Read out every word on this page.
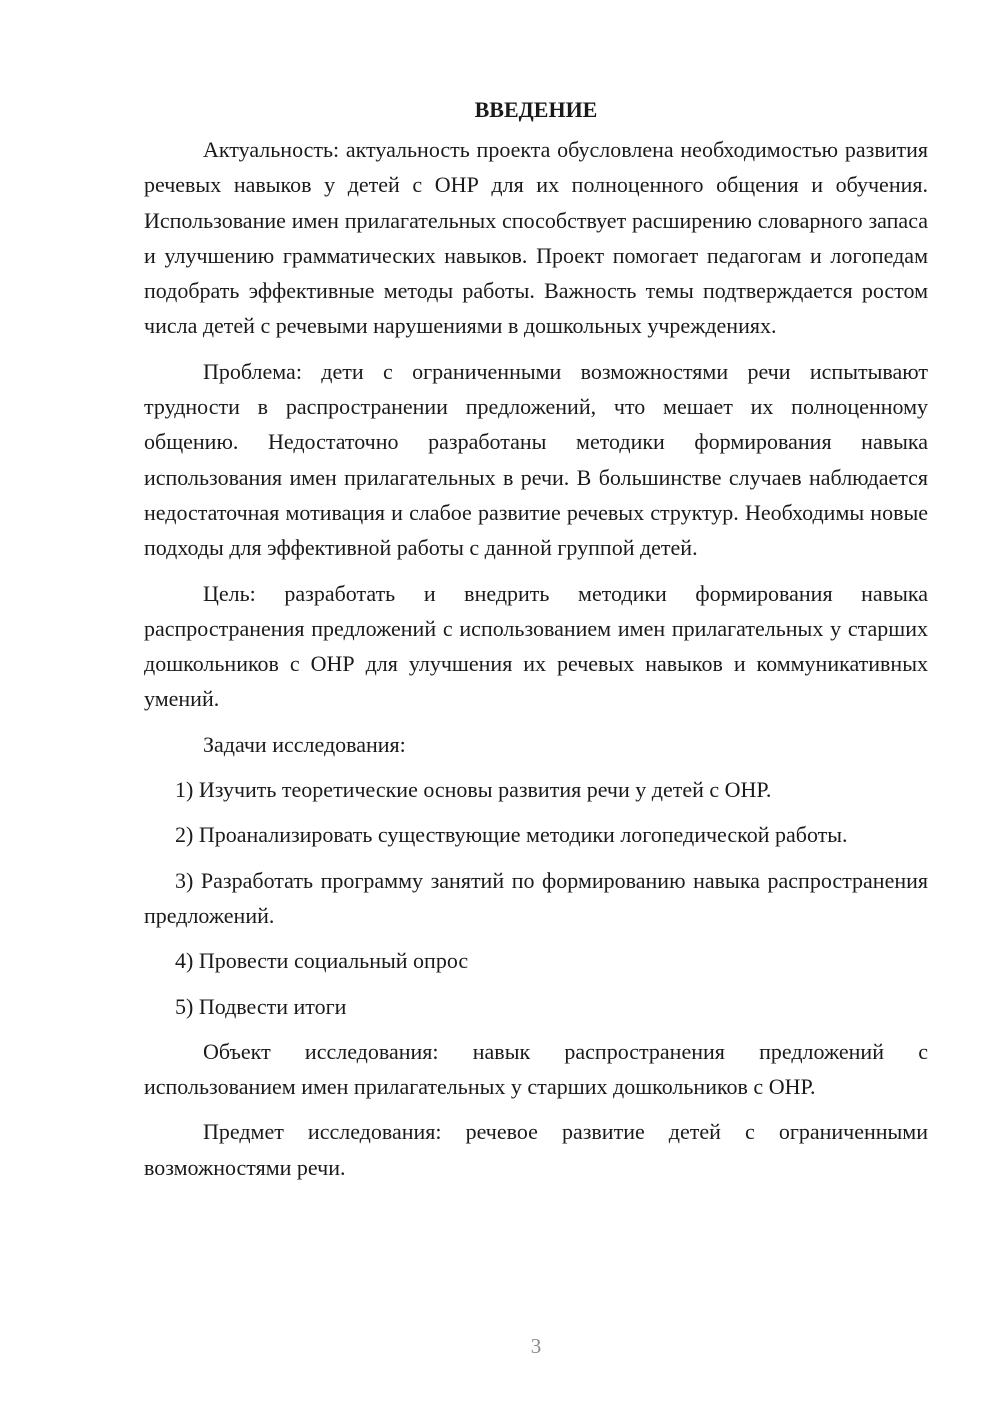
ВВЕДЕНИЕ

Актуальность: актуальность проекта обусловлена необходимостью развития речевых навыков у детей с ОНР для их полноценного общения и обучения. Использование имен прилагательных способствует расширению словарного запаса и улучшению грамматических навыков. Проект помогает педагогам и логопедам подобрать эффективные методы работы. Важность темы подтверждается ростом числа детей с речевыми нарушениями в дошкольных учреждениях.

Проблема: дети с ограниченными возможностями речи испытывают трудности в распространении предложений, что мешает их полноценному общению. Недостаточно разработаны методики формирования навыка использования имен прилагательных в речи. В большинстве случаев наблюдается недостаточная мотивация и слабое развитие речевых структур. Необходимы новые подходы для эффективной работы с данной группой детей.

Цель: разработать и внедрить методики формирования навыка распространения предложений с использованием имен прилагательных у старших дошкольников с ОНР для улучшения их речевых навыков и коммуникативных умений.

Задачи исследования:

1) Изучить теоретические основы развития речи у детей с ОНР.

2) Проанализировать существующие методики логопедической работы.

3) Разработать программу занятий по формированию навыка распространения предложений.

4) Провести социальный опрос

5) Подвести итоги

Объект исследования: навык распространения предложений с использованием имен прилагательных у старших дошкольников с ОНР.

Предмет исследования: речевое развитие детей с ограниченными возможностями речи.

3
